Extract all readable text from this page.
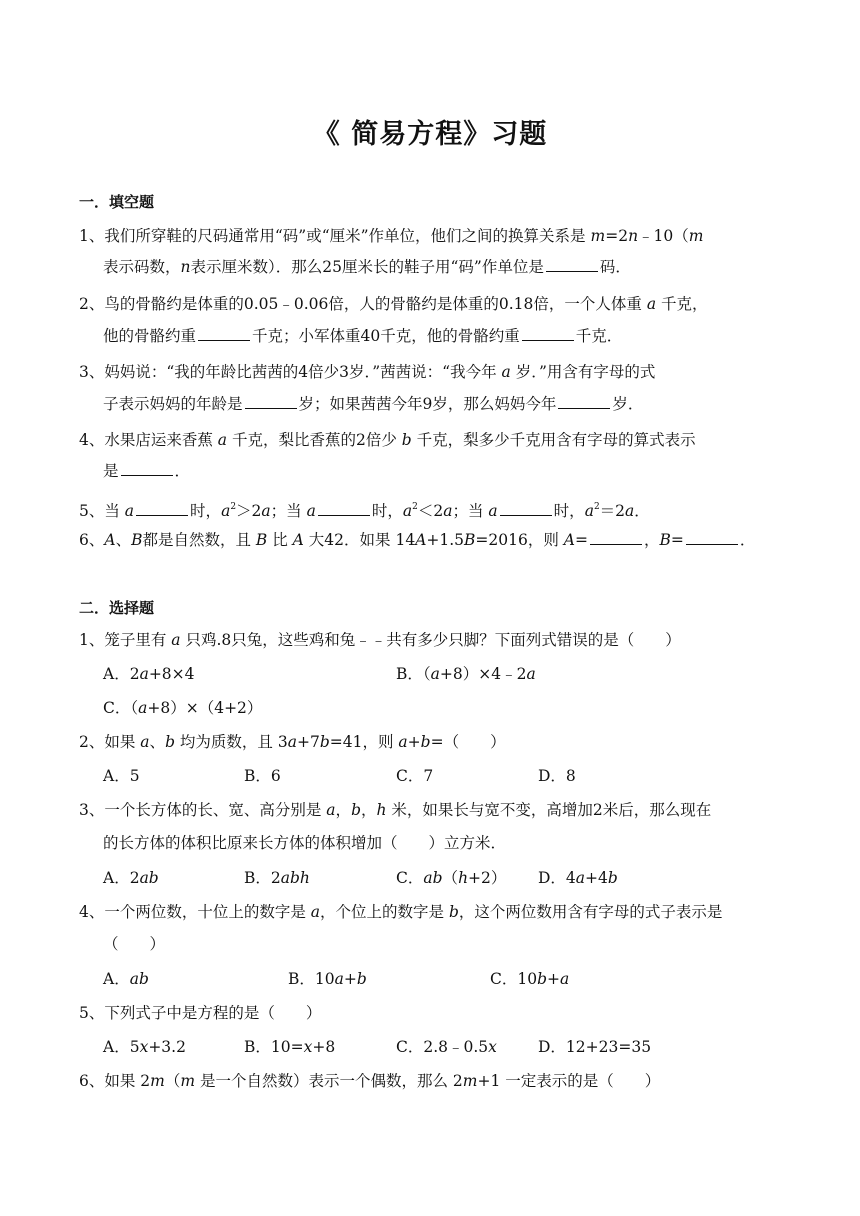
《 简易方程》习题
一．填空题
1、我们所穿鞋的尺码通常用“码”或“厘米”作单位，他们之间的换算关系是 m=2n﹣10（m
表示码数，n表示厘米数）．那么25厘米长的鞋子用“码”作单位是	码．
2、鸟的骨骼约是体重的0.05﹣0.06倍，人的骨骼约是体重的0.18倍，一个人体重 a 千克，
他的骨骼约重	千克；小军体重40千克，他的骨骼约重	千克．
3、妈妈说：“我的年龄比茜茜的4倍少3岁．”茜茜说：“我今年 a 岁．”用含有字母的式
子表示妈妈的年龄是	岁；如果茜茜今年9岁，那么妈妈今年	岁．
4、水果店运来香蕉 a 千克，梨比香蕉的2倍少 b 千克，梨多少千克用含有字母的算式表示
是	．
5、当 a	时，$a^2>2a$；当 a	时，$a^2<2a$；当 a	时，$a^2=2a$．
6、A、B都是自然数，且 B 比 A 大42．如果 14A+1.5B=2016，则 A=	，B=	．
二．选择题
1、笼子里有 a 只鸡.8只兔，这些鸡和兔﹣﹣共有多少只脚？下面列式错误的是（　　）
A．2a+8×4	B．（a+8）×4﹣2a
C．（a+8）×（4+2）
2、如果 a、b 均为质数，且 3a+7b=41，则 a+b=（　　）
A．5	B．6	C．7	D．8
3、一个长方体的长、宽、高分别是 a，b，h 米，如果长与宽不变，高增加2米后，那么现在
的长方体的体积比原来长方体的体积增加（　　）立方米．
A．2ab	B．2abh	C．ab（h+2） D．4a+4b
4、一个两位数，十位上的数字是 a，个位上的数字是 b，这个两位数用含有字母的式子表示是
（　　）
A．ab	B．10a+b	C．10b+a
5、下列式子中是方程的是（　　）
A．5x+3.2	B．10=x+8	C．2.8﹣0.5x	D．12+23=35
6、如果 2m（m 是一个自然数）表示一个偶数，那么 2m+1 一定表示的是（　　）
